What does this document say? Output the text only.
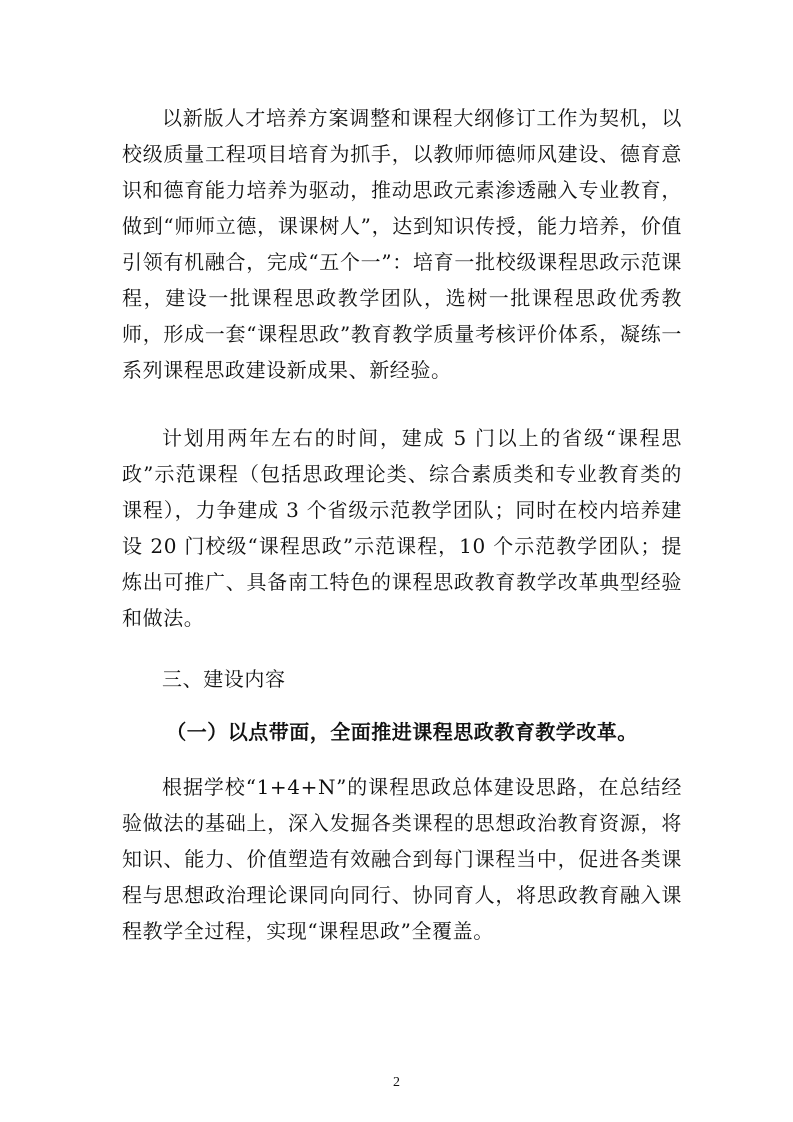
以新版人才培养方案调整和课程大纲修订工作为契机，以校级质量工程项目培育为抓手，以教师师德师风建设、德育意识和德育能力培养为驱动，推动思政元素渗透融入专业教育，做到“师师立德，课课树人”，达到知识传授，能力培养，价值引领有机融合，完成“五个一”：培育一批校级课程思政示范课程，建设一批课程思政教学团队，选树一批课程思政优秀教师，形成一套“课程思政”教育教学质量考核评价体系，凝练一系列课程思政建设新成果、新经验。

计划用两年左右的时间，建成 5 门以上的省级“课程思政”示范课程（包括思政理论类、综合素质类和专业教育类的课程），力争建成 3 个省级示范教学团队；同时在校内培养建设 20 门校级“课程思政”示范课程，10 个示范教学团队；提炼出可推广、具备南工特色的课程思政教育教学改革典型经验和做法。

三、建设内容

（一）以点带面，全面推进课程思政教育教学改革。

根据学校“1+4+N”的课程思政总体建设思路，在总结经验做法的基础上，深入发掘各类课程的思想政治教育资源，将知识、能力、价值塑造有效融合到每门课程当中，促进各类课程与思想政治理论课同向同行、协同育人，将思政教育融入课程教学全过程，实现“课程思政”全覆盖。

2
